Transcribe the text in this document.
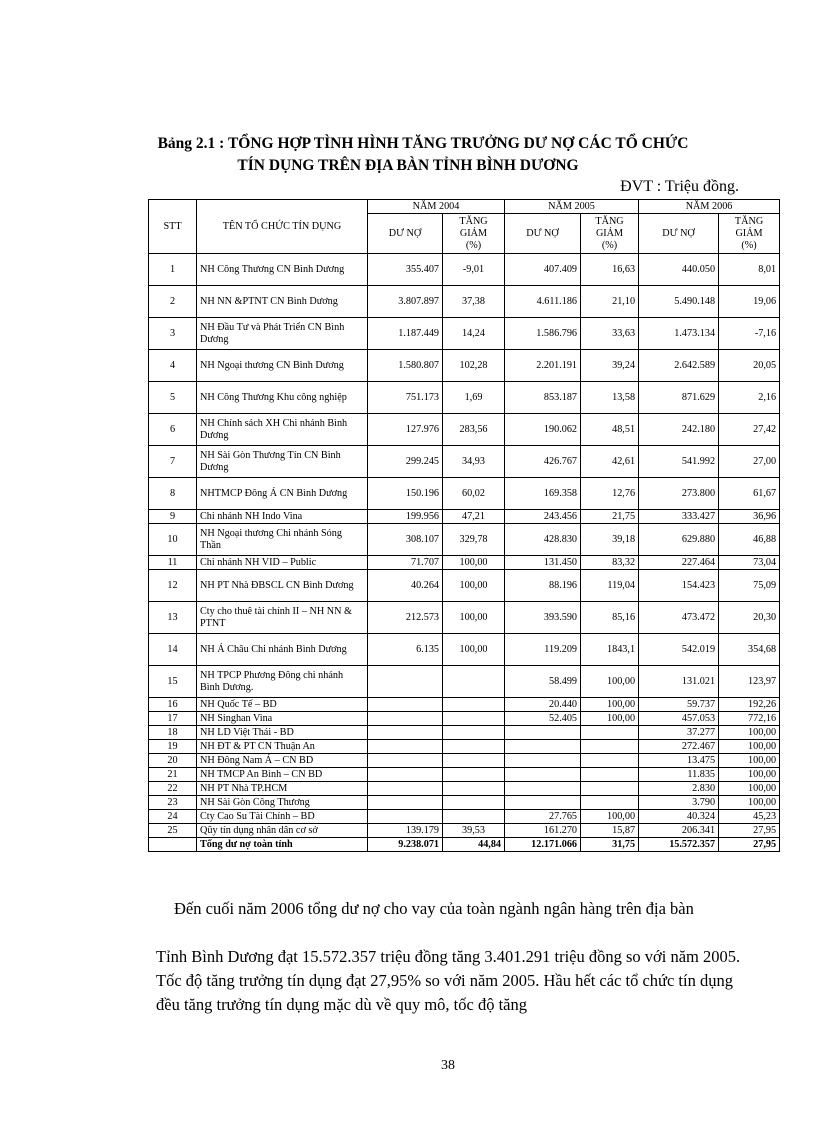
Bảng 2.1 : TỔNG HỢP TÌNH HÌNH TĂNG TRƯỞNG DƯ NỢ CÁC TỔ CHỨC
TÍN DỤNG TRÊN ĐỊA BÀN TỈNH BÌNH DƯƠNG
ĐVT : Triệu đồng.
STT	TÊN TỔ CHỨC TÍN DỤNG	NĂM 2004		NĂM 2005		NĂM 2006	
		DƯ NỢ	TĂNG
GIẢM
(%)	DƯ NỢ	TĂNG
GIẢM
(%)	DƯ NỢ	TĂNG
GIẢM
(%)
1	NH Công Thương CN Bình Dương	355.407	-9,01	407.409	16,63	440.050	8,01
2	NH NN &PTNT CN Bình Dương	3.807.897	37,38	4.611.186	21,10	5.490.148	19,06
3	NH Đầu Tư và Phát Triển CN Bình Dương	1.187.449	14,24	1.586.796	33,63	1.473.134	-7,16
4	NH Ngoại thương CN Bình Dương	1.580.807	102,28	2.201.191	39,24	2.642.589	20,05
5	NH Công Thương Khu công nghiệp	751.173	1,69	853.187	13,58	871.629	2,16
6	NH Chính sách XH Chi nhánh Bình Dương	127.976	283,56	190.062	48,51	242.180	27,42
7	NH Sài Gòn Thương Tín CN Bình Dương	299.245	34,93	426.767	42,61	541.992	27,00
8	NHTMCP Đông Á CN Bình Dương	150.196	60,02	169.358	12,76	273.800	61,67
9	Chi nhánh NH Indo Vina	199.956	47,21	243.456	21,75	333.427	36,96
10	NH Ngoại thương Chi nhánh Sóng Thần	308.107	329,78	428.830	39,18	629.880	46,88
11	Chi nhánh NH VID – Public	71.707	100,00	131.450	83,32	227.464	73,04
12	NH PT Nhà ĐBSCL CN Bình Dương	40.264	100,00	88.196	119,04	154.423	75,09
13	Cty cho thuê tài chính II – NH NN & PTNT	212.573	100,00	393.590	85,16	473.472	20,30
14	NH Á Châu Chi nhánh Bình Dương	6.135	100,00	119.209	1843,1	542.019	354,68
15	NH TPCP Phương Đông chi nhánh Bình Dương.			58.499	100,00	131.021	123,97
16	NH Quốc Tế – BD			20.440	100,00	59.737	192,26
17	NH Singhan Vina			52.405	100,00	457.053	772,16
18	NH LD Việt Thái - BD					37.277	100,00
19	NH ĐT & PT CN Thuận An					272.467	100,00
20	NH Đông Nam Á – CN BD					13.475	100,00
21	NH TMCP An Bình – CN BD					11.835	100,00
22	NH PT Nhà TP.HCM					2.830	100,00
23	NH Sài Gòn Công Thương					3.790	100,00
24	Cty Cao Su Tài Chính – BD			27.765	100,00	40.324	45,23
25	Qũy tín dụng nhân dân cơ sở	139.179	39,53	161.270	15,87	206.341	27,95
	Tổng dư nợ toàn tỉnh	9.238.071	44,84	12.171.066	31,75	15.572.357	27,95
Đến cuối năm 2006 tổng dư nợ cho vay của toàn ngành ngân hàng trên địa bàn
Tỉnh Bình Dương đạt 15.572.357 triệu đồng tăng 3.401.291 triệu đồng so với năm 2005. Tốc độ tăng trưởng tín dụng đạt 27,95% so với năm 2005. Hầu hết các tổ chức tín dụng đều tăng trưởng tín dụng mặc dù về quy mô, tốc độ tăng
38
